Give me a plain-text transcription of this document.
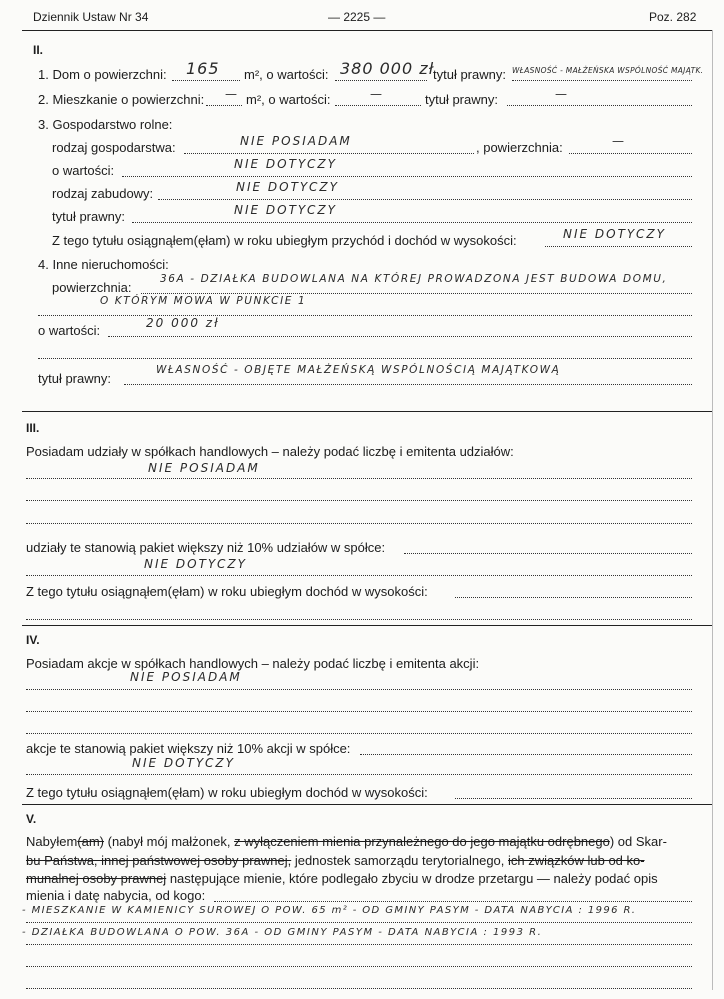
Dziennik Ustaw Nr 34	— 2225 —	Poz. 282
II.
1. Dom o powierzchni: 165 m², o wartości: 380 000 zł
tytuł prawny: WŁASNOŚĆ - MAŁŻEŃSKA WSPÓLNOŚĆ MAJĄTK.
2. Mieszkanie o powierzchni: — m², o wartości:	—	tytuł prawny:	—
3. Gospodarstwo rolne:
rodzaj gospodarstwa:	NIE POSIADAM	, powierzchnia:	—
o wartości:	NIE DOTYCZY
rodzaj zabudowy:	NIE DOTYCZY
tytuł prawny:	NIE DOTYCZY
Z tego tytułu osiągnąłem(ęłam) w roku ubiegłym przychód i dochód w wysokości:	NIE DOTYCZY
4. Inne nieruchomości:
powierzchnia:
36A - DZIAŁKA BUDOWLANA NA KTÓREJ PROWADZONA JEST BUDOWA DOMU,
O KTÓRYM MOWA W PUNKCIE 1
o wartości:	20 000 zł
tytuł prawny:
WŁASNOŚĆ - OBJĘTE MAŁŻEŃSKĄ WSPÓLNOŚCIĄ MAJĄTKOWĄ
III.
Posiadam udziały w spółkach handlowych – należy podać liczbę i emitenta udziałów:
NIE POSIADAM
udziały te stanowią pakiet większy niż 10% udziałów w spółce:
NIE DOTYCZY
Z tego tytułu osiągnąłem(ęłam) w roku ubiegłym dochód w wysokości:
IV.
Posiadam akcje w spółkach handlowych – należy podać liczbę i emitenta akcji:
NIE POSIADAM
akcje te stanowią pakiet większy niż 10% akcji w spółce:
NIE DOTYCZY
Z tego tytułu osiągnąłem(ęłam) w roku ubiegłym dochód w wysokości:
V.
Nabyłem(am) (nabył mój małżonek, z wyłączeniem mienia przynależnego do jego majątku odrębnego) od Skar-
bu Państwa, innej państwowej osoby prawnej, jednostek samorządu terytorialnego, ich związków lub od ko-
munalnej osoby prawnej następujące mienie, które podlegało zbyciu w drodze przetargu — należy podać opis
mienia i datę nabycia, od kogo:
- MIESZKANIE W KAMIENICY SUROWEJ O POW. 65 m² - OD GMINY PASYM - DATA NABYCIA : 1996 R.
- DZIAŁKA BUDOWLANA O POW. 36A - OD GMINY PASYM - DATA NABYCIA : 1993 R.
